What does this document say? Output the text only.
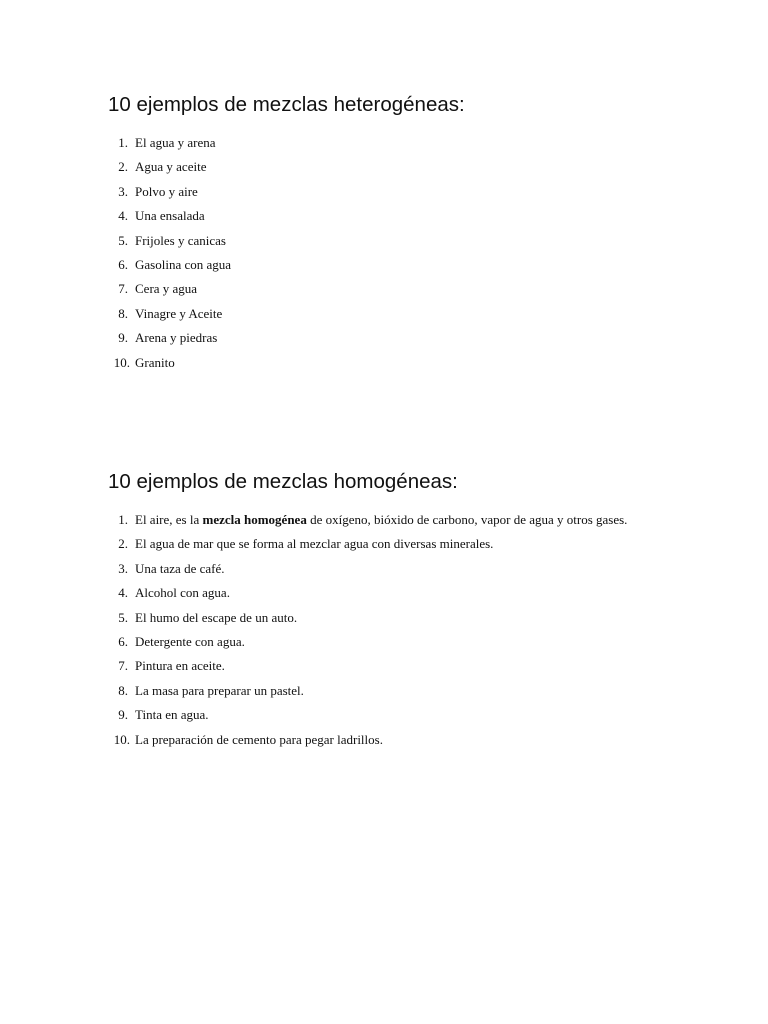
10 ejemplos de mezclas heterogéneas:
1. El agua y arena
2. Agua y aceite
3. Polvo y aire
4. Una ensalada
5. Frijoles y canicas
6. Gasolina con agua
7. Cera y agua
8. Vinagre y Aceite
9. Arena y piedras
10. Granito
10 ejemplos de mezclas homogéneas:
1. El aire, es la mezcla homogénea de oxígeno, bióxido de carbono, vapor de agua y otros gases.
2. El agua de mar que se forma al mezclar agua con diversas minerales.
3. Una taza de café.
4. Alcohol con agua.
5. El humo del escape de un auto.
6. Detergente con agua.
7. Pintura en aceite.
8. La masa para preparar un pastel.
9. Tinta en agua.
10. La preparación de cemento para pegar ladrillos.
